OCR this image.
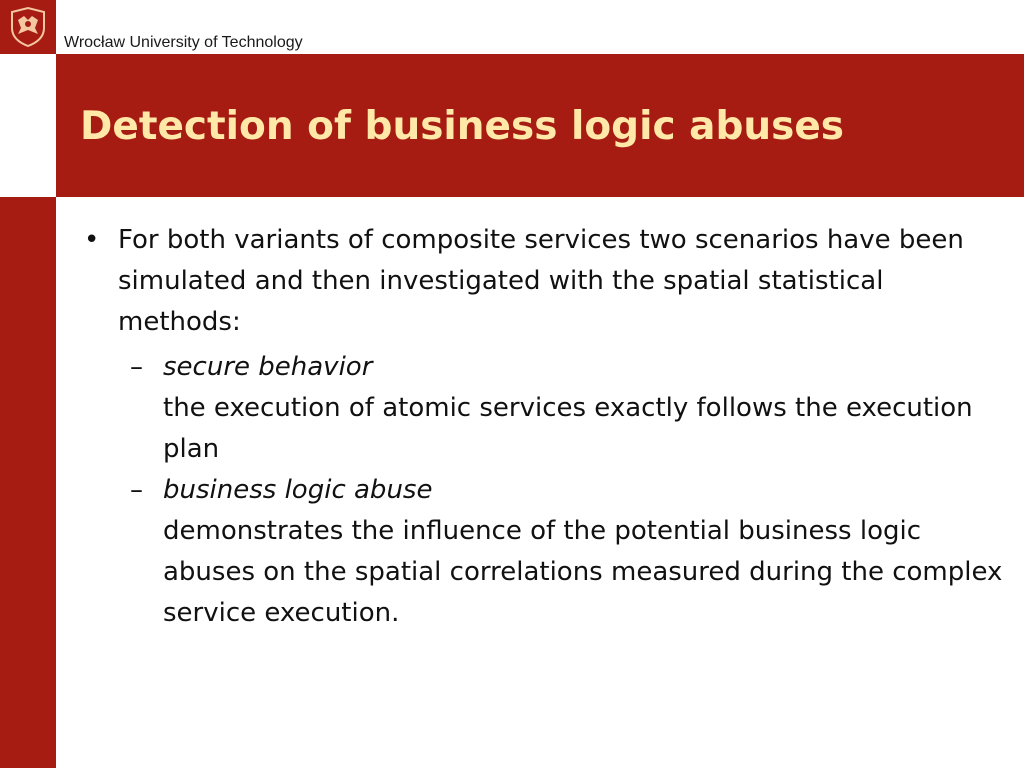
Wrocław University of Technology
Detection of business logic abuses
• For both variants of composite services two scenarios have been simulated and then investigated with the spatial statistical methods:
– secure behavior
the execution of atomic services exactly follows the execution plan
– business logic abuse
demonstrates the influence of the potential business logic abuses on the spatial correlations measured during the complex service execution.
